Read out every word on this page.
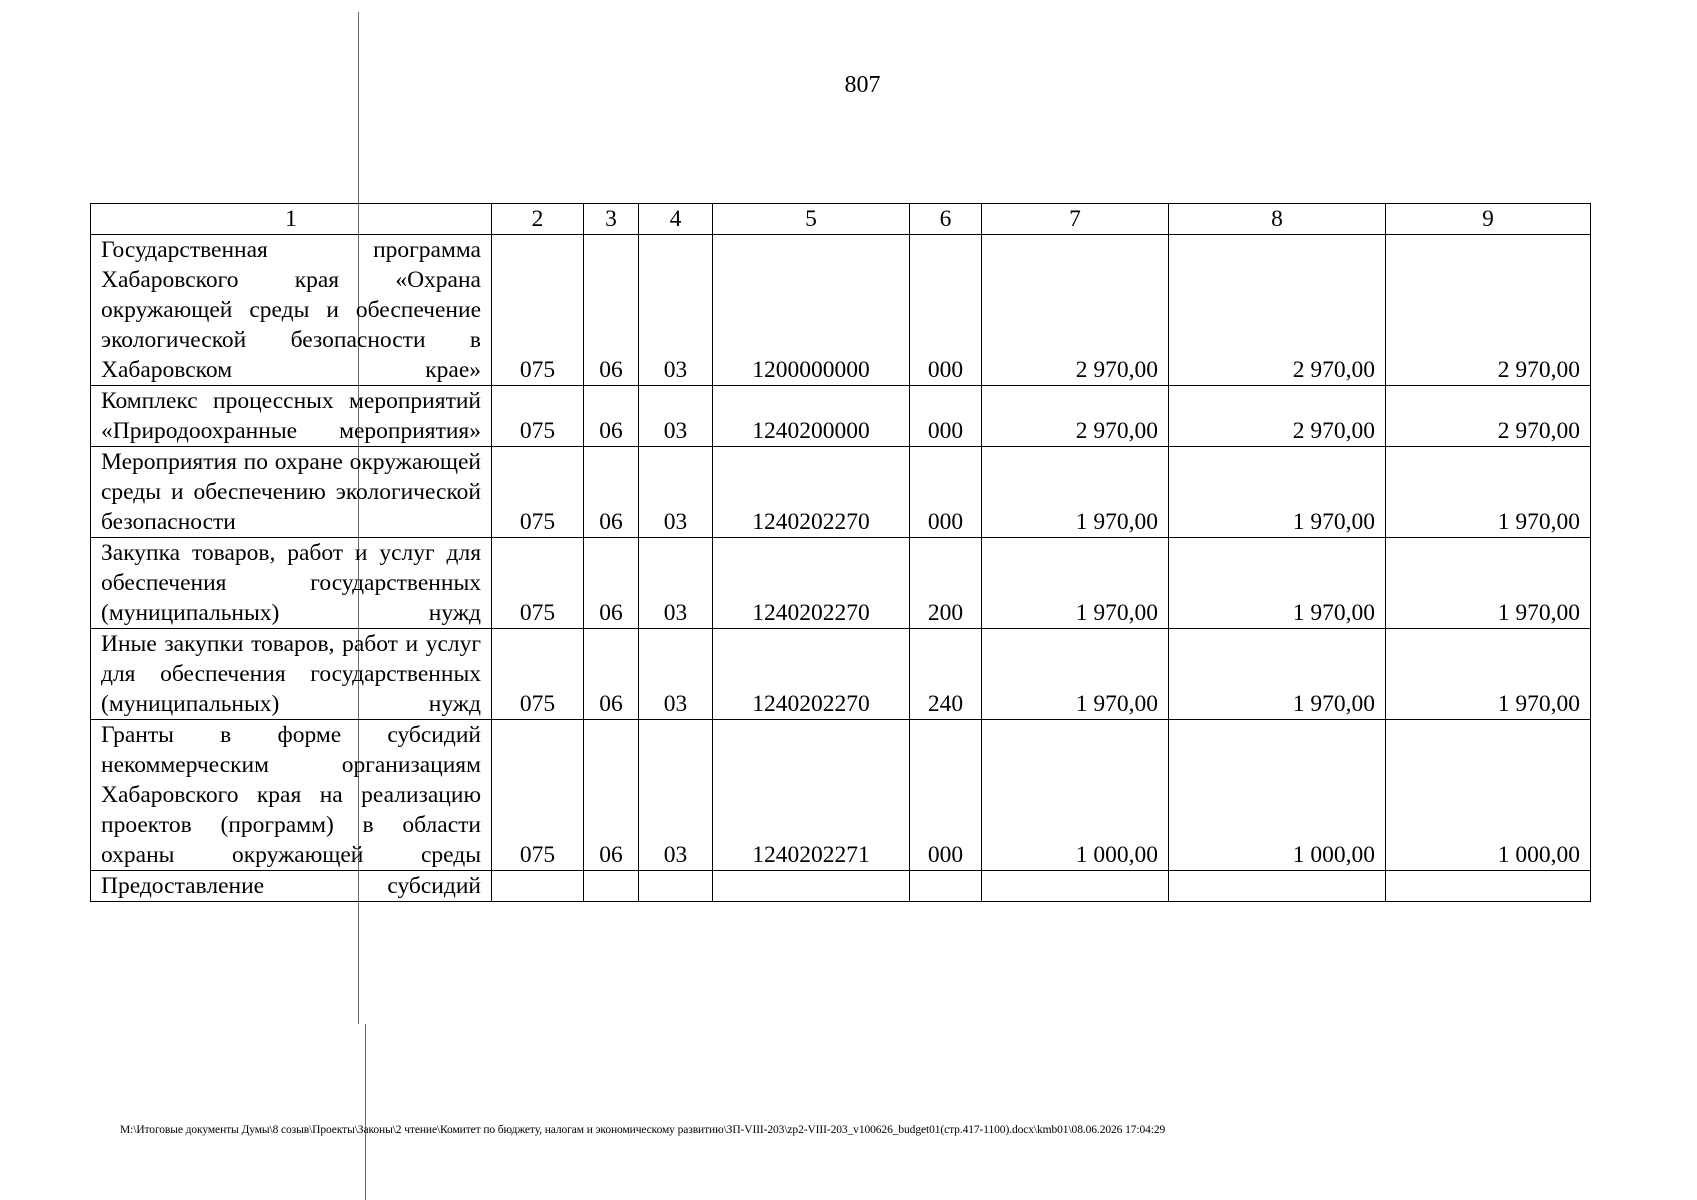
807
1	2	3	4	5	6	7	8	9
Государственная программа Хабаровского края «Охрана окружающей среды и обеспечение экологической безопасности в Хабаровском крае»	075	06	03	1200000000	000	2 970,00	2 970,00	2 970,00
Комплекс процессных мероприятий «Природоохранные мероприятия»	075	06	03	1240200000	000	2 970,00	2 970,00	2 970,00
Мероприятия по охране окружающей среды и обеспечению экологической безопасности	075	06	03	1240202270	000	1 970,00	1 970,00	1 970,00
Закупка товаров, работ и услуг для обеспечения государственных (муниципальных) нужд	075	06	03	1240202270	200	1 970,00	1 970,00	1 970,00
Иные закупки товаров, работ и услуг для обеспечения государственных (муниципальных) нужд	075	06	03	1240202270	240	1 970,00	1 970,00	1 970,00
Гранты в форме субсидий некоммерческим организациям Хабаровского края на реализацию проектов (программ) в области охраны окружающей среды	075	06	03	1240202271	000	1 000,00	1 000,00	1 000,00
Предоставление субсидий								
M:\Итоговые документы Думы\8 созыв\Проекты\Законы\2 чтение\Комитет по бюджету, налогам и экономическому развитию\ЗП-VIII-203\zp2-VIII-203_v100626_budget01(стр.417-1100).docx\kmb01\08.06.2026 17:04:29
